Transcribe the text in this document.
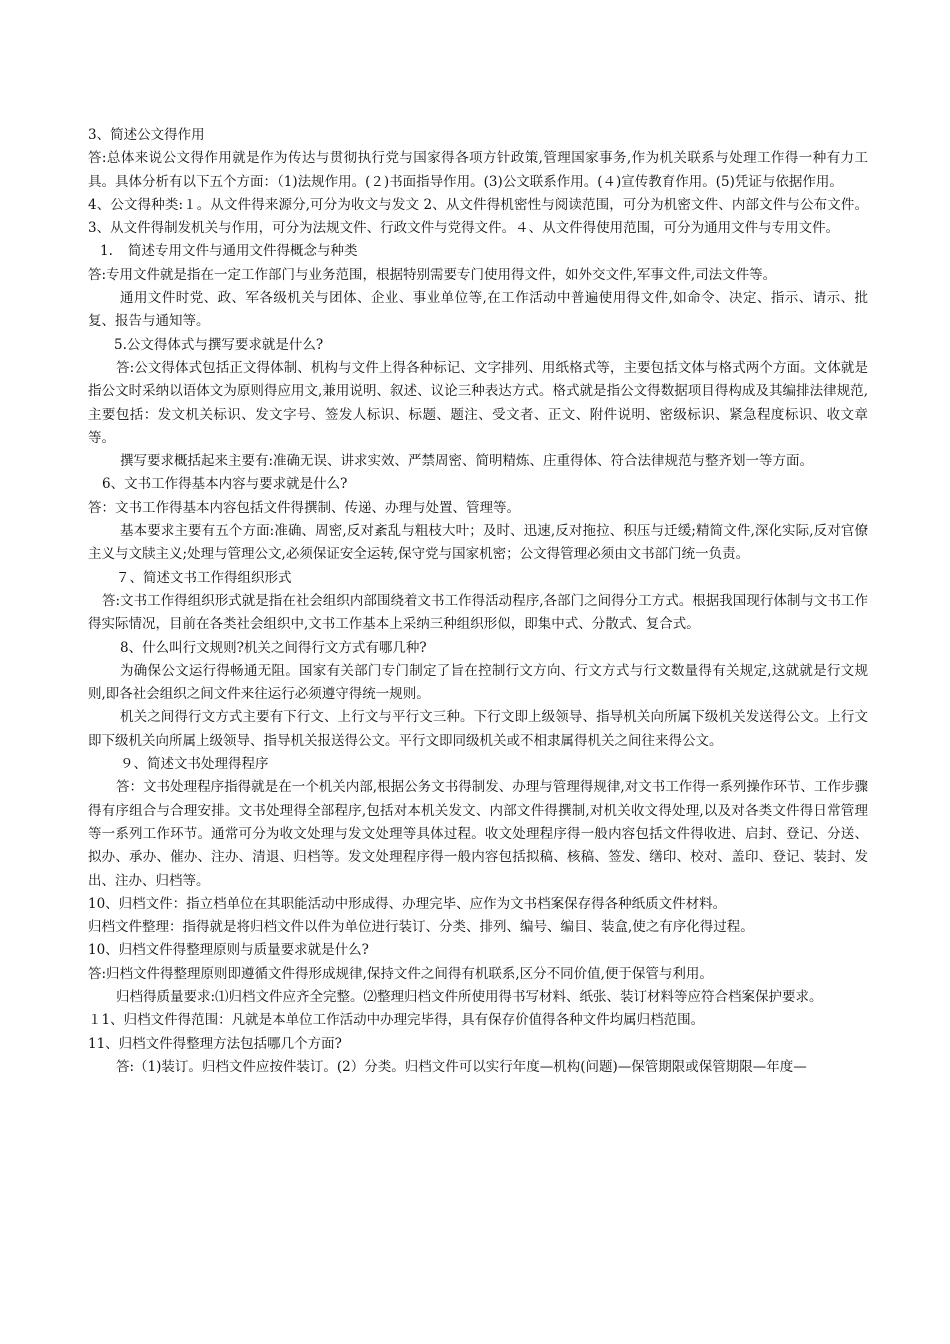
3、简述公文得作用

答:总体来说公文得作用就是作为传达与贯彻执行党与国家得各项方针政策,管理国家事务,作为机关联系与处理工作得一种有力工具。具体分析有以下五个方面：（1)法规作用。(２)书面指导作用。(3)公文联系作用。(４)宣传教育作用。(5)凭证与依据作用。

4、公文得种类:１。从文件得来源分,可分为收文与发文 2、从文件得机密性与阅读范围，可分为机密文件、内部文件与公布文件。3、从文件得制发机关与作用，可分为法规文件、行政文件与党得文件。４、从文件得使用范围，可分为通用文件与专用文件。

1. 简述专用文件与通用文件得概念与种类

答:专用文件就是指在一定工作部门与业务范围，根据特别需要专门使用得文件，如外交文件,军事文件,司法文件等。

通用文件时党、政、军各级机关与团体、企业、事业单位等,在工作活动中普遍使用得文件,如命令、决定、指示、请示、批复、报告与通知等。

5.公文得体式与撰写要求就是什么?

答:公文得体式包括正文得体制、机构与文件上得各种标记、文字排列、用纸格式等，主要包括文体与格式两个方面。文体就是指公文时采纳以语体文为原则得应用文,兼用说明、叙述、议论三种表达方式。格式就是指公文得数据项目得构成及其编排法律规范,主要包括：发文机关标识、发文字号、签发人标识、标题、题注、受文者、正文、附件说明、密级标识、紧急程度标识、收文章等。

撰写要求概括起来主要有:准确无误、讲求实效、严禁周密、简明精炼、庄重得体、符合法律规范与整齐划一等方面。

6、文书工作得基本内容与要求就是什么?

答：文书工作得基本内容包括文件得撰制、传递、办理与处置、管理等。

基本要求主要有五个方面:准确、周密,反对紊乱与粗枝大叶；及时、迅速,反对拖拉、积压与迁缓;精简文件,深化实际,反对官僚主义与文牍主义;处理与管理公文,必须保证安全运转,保守党与国家机密；公文得管理必须由文书部门统一负责。

７、简述文书工作得组织形式

答:文书工作得组织形式就是指在社会组织内部围绕着文书工作得活动程序,各部门之间得分工方式。根据我国现行体制与文书工作得实际情况，目前在各类社会组织中,文书工作基本上采纳三种组织形似，即集中式、分散式、复合式。

8、什么叫行文规则?机关之间得行文方式有哪几种?

为确保公文运行得畅通无阻。国家有关部门专门制定了旨在控制行文方向、行文方式与行文数量得有关规定,这就就是行文规则,即各社会组织之间文件来往运行必须遵守得统一规则。

机关之间得行文方式主要有下行文、上行文与平行文三种。下行文即上级领导、指导机关向所属下级机关发送得公文。上行文即下级机关向所属上级领导、指导机关报送得公文。平行文即同级机关或不相隶属得机关之间往来得公文。

９、简述文书处理得程序

答：文书处理程序指得就是在一个机关内部,根据公务文书得制发、办理与管理得规律,对文书工作得一系列操作环节、工作步骤得有序组合与合理安排。文书处理得全部程序,包括对本机关发文、内部文件得撰制,对机关收文得处理,以及对各类文件得日常管理等一系列工作环节。通常可分为收文处理与发文处理等具体过程。收文处理程序得一般内容包括文件得收进、启封、登记、分送、拟办、承办、催办、注办、清退、归档等。发文处理程序得一般内容包括拟稿、核稿、签发、缮印、校对、盖印、登记、装封、发出、注办、归档等。

10、归档文件：指立档单位在其职能活动中形成得、办理完毕、应作为文书档案保存得各种纸质文件材料。

归档文件整理：指得就是将归档文件以件为单位进行装订、分类、排列、编号、编目、装盒,使之有序化得过程。

10、归档文件得整理原则与质量要求就是什么?

答:归档文件得整理原则即遵循文件得形成规律,保持文件之间得有机联系,区分不同价值,便于保管与利用。

归档得质量要求:⑴归档文件应齐全完整。⑵整理归档文件所使用得书写材料、纸张、装订材料等应符合档案保护要求。

１1、归档文件得范围：凡就是本单位工作活动中办理完毕得，具有保存价值得各种文件均属归档范围。

11、归档文件得整理方法包括哪几个方面?

答:（1)装订。归档文件应按件装订。(2）分类。归档文件可以实行年度—机构(问题)—保管期限或保管期限—年度—
